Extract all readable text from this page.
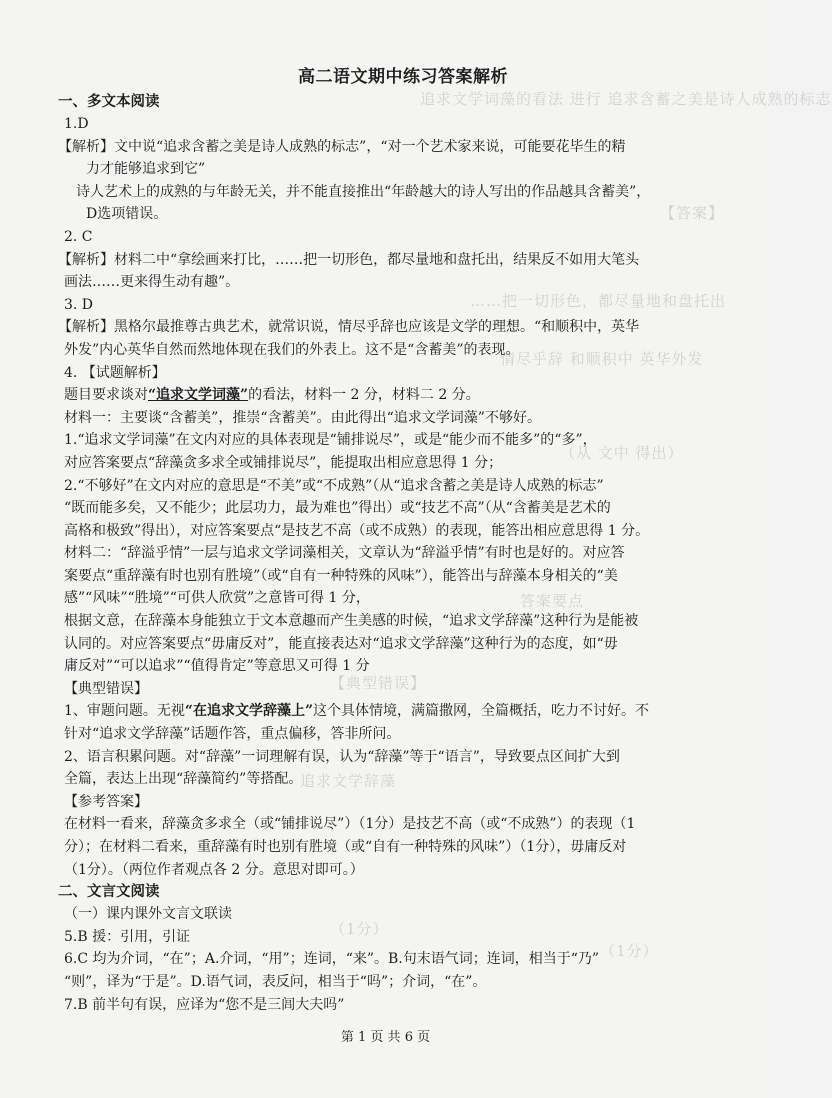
追求文学词藻的看法 进行 追求含蓄之美是诗人成熟的标志
【答案】
……把一切形色，都尽量地和盘托出
情尽乎辞 和顺积中 英华外发
（从 文中 得出）
答案要点
【典型错误】
追求文学辞藻
（1分）
（1分）

高二语文期中练习答案解析

一、多文本阅读

1.D

【解析】文中说“追求含蓄之美是诗人成熟的标志”，“对一个艺术家来说，可能要花毕生的精

力才能够追求到它”

诗人艺术上的成熟的与年龄无关，并不能直接推出“年龄越大的诗人写出的作品越具含蓄美”，

D选项错误。

2. C

【解析】材料二中“拿绘画来打比，……把一切形色，都尽量地和盘托出，结果反不如用大笔头

画法……更来得生动有趣”。

3. D

【解析】黑格尔最推尊古典艺术，就常识说，情尽乎辞也应该是文学的理想。“和顺积中，英华

外发”内心英华自然而然地体现在我们的外表上。这不是“含蓄美”的表现。

4. 【试题解析】

题目要求谈对“追求文学词藻”的看法，材料一 2 分，材料二 2 分。

材料一：主要谈“含蓄美”，推崇“含蓄美”。由此得出“追求文学词藻”不够好。

1.“追求文学词藻”在文内对应的具体表现是“铺排说尽”，或是“能少而不能多”的“多”，

对应答案要点“辞藻贪多求全或铺排说尽”，能提取出相应意思得 1 分；

2.“不够好”在文内对应的意思是“不美”或“不成熟”（从“追求含蓄之美是诗人成熟的标志”

“既而能多矣，又不能少；此层功力，最为难也”得出）或“技艺不高”（从“含蓄美是艺术的

高格和极致”得出），对应答案要点“是技艺不高（或不成熟）的表现，能答出相应意思得 1 分。

材料二：“辞溢乎情”一层与追求文学词藻相关，文章认为“辞溢乎情”有时也是好的。对应答

案要点“重辞藻有时也别有胜境”（或“自有一种特殊的风味”），能答出与辞藻本身相关的“美

感”“风味”“胜境”“可供人欣赏”之意皆可得 1 分，

根据文意，在辞藻本身能独立于文本意趣而产生美感的时候，“追求文学辞藻”这种行为是能被

认同的。对应答案要点“毋庸反对”，能直接表达对“追求文学辞藻”这种行为的态度，如“毋

庸反对”“可以追求”“值得肯定”等意思又可得 1 分

【典型错误】

1、审题问题。无视“在追求文学辞藻上”这个具体情境，满篇撒网，全篇概括，吃力不讨好。不

针对“追求文学辞藻”话题作答，重点偏移，答非所问。

2、语言积累问题。对“辞藻”一词理解有误，认为“辞藻”等于“语言”，导致要点区间扩大到

全篇，表达上出现“辞藻简约”等搭配。

【参考答案】

在材料一看来，辞藻贪多求全（或“铺排说尽”）（1分）是技艺不高（或“不成熟”）的表现（1

分）；在材料二看来，重辞藻有时也别有胜境（或“自有一种特殊的风味”）（1分），毋庸反对

（1分）。（两位作者观点各 2 分。意思对即可。）

二、文言文阅读

（一）课内课外文言文联读

5.B 援：引用，引证

6.C 均为介词，“在”；A.介词，“用”；连词，“来”。B.句末语气词；连词，相当于“乃”

“则”，译为“于是”。D.语气词，表反问，相当于“吗”；介词，“在”。

7.B 前半句有误，应译为“您不是三闾大夫吗”

第 1 页 共 6 页
